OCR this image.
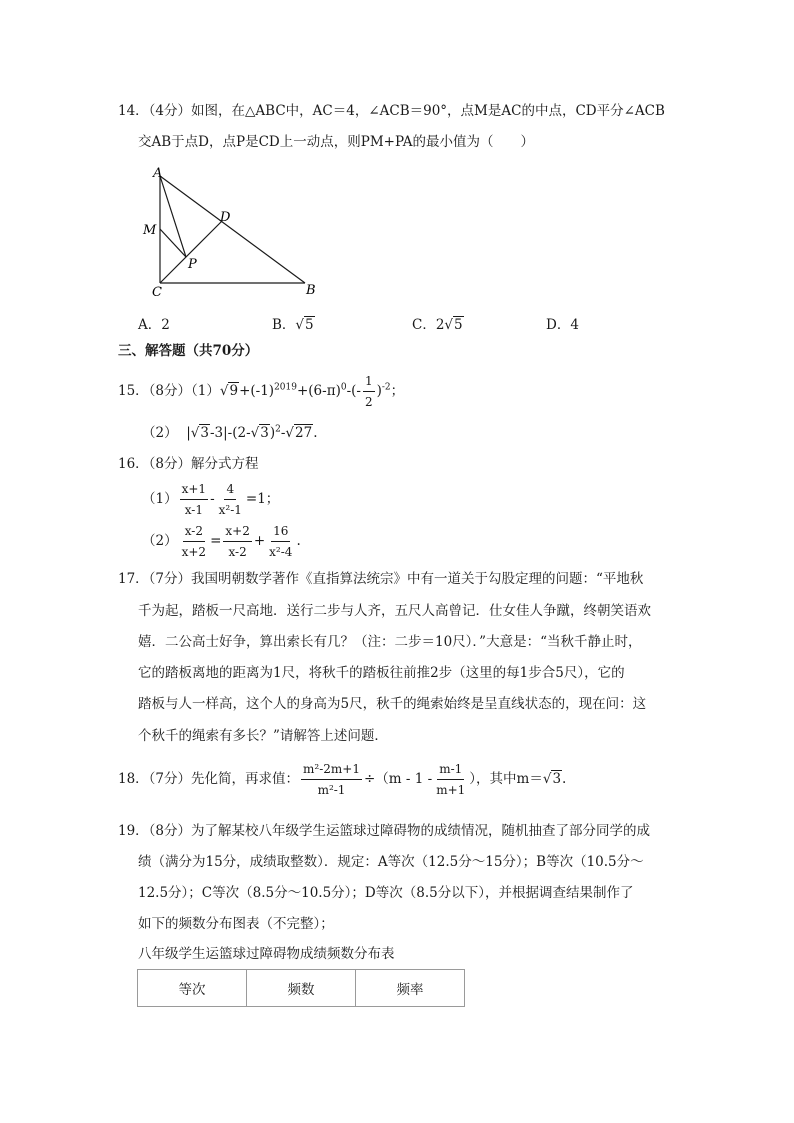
14．（4分）如图，在△ABC中，AC＝4，∠ACB＝90°，点M是AC的中点，CD平分∠ACB
交AB于点D，点P是CD上一动点，则PM+PA的最小值为（　　）
A
M
D
P
C	B
A．2	B．√5	C．2√5	D．4
三、解答题（共70分）
15．（8分）$(1)√9+(-1)^{2019}+(6-\pi)^0-(- \frac{1}{2} )^{-2}$；
（2） $|√3-3|-(2-√3)^2-√27$.
16．（8分）解分式方程
$(1) \frac{x+1}{x-1} - \frac{4}{\text{x²-1}} =1$；
$(2) \frac{x-2}{x+2} = \frac{x+2}{x-2} + \frac{16}{\text{x²-4}}$ .
17．（7分）我国明朝数学著作《直指算法统宗》中有一道关于勾股定理的问题：“平地秋
千为起，踏板一尺高地．送行二步与人齐，五尺人高曾记．仕女佳人争蹴，终朝笑语欢
嬉．二公高士好争，算出索长有几？（注：二步＝10尺）．”大意是：“当秋千静止时，
它的踏板离地的距离为1尺，将秋千的踏板往前推2步（这里的每1步合5尺），它的
踏板与人一样高，这个人的身高为5尺，秋千的绳索始终是呈直线状态的，现在问：这
个秋千的绳索有多长？”请解答上述问题．
18．（7分）先化简，再求值： $\frac{\text{m²-2m+1}}{\text{m²-1}} \div(m - 1 - \frac{m-1}{m+1}$ ），其中m＝√3.
19．（8分）为了解某校八年级学生运篮球过障碍物的成绩情况，随机抽查了部分同学的成
绩（满分为15分，成绩取整数）．规定：A等次（12.5分～15分）；B等次（10.5分～
12.5分）；C等次（8.5分～10.5分）；D等次（8.5分以下），并根据调查结果制作了
如下的频数分布图表（不完整）；
八年级学生运篮球过障碍物成绩频数分布表
等次	频数	频率
